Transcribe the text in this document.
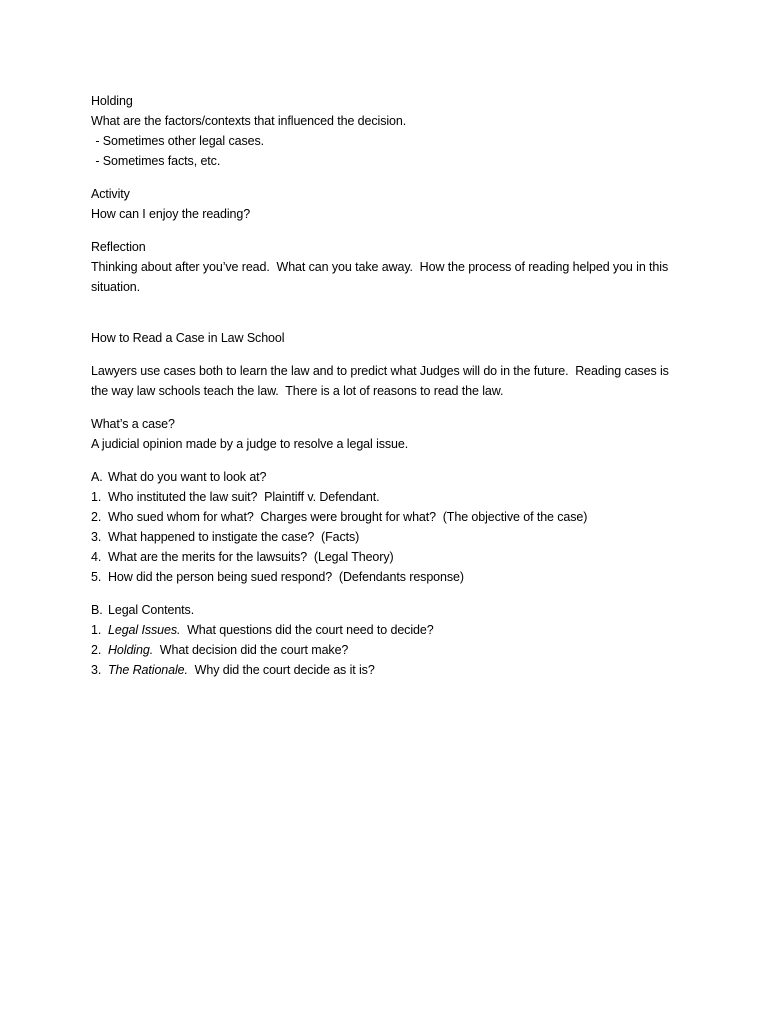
Holding
What are the factors/contexts that influenced the decision.
- Sometimes other legal cases.
- Sometimes facts, etc.
Activity
How can I enjoy the reading?
Reflection
Thinking about after you’ve read.  What can you take away.  How the process of reading helped you in this situation.
How to Read a Case in Law School
Lawyers use cases both to learn the law and to predict what Judges will do in the future.  Reading cases is the way law schools teach the law.  There is a lot of reasons to read the law.
What’s a case?
A judicial opinion made by a judge to resolve a legal issue.
A. What do you want to look at?
1. Who instituted the law suit?  Plaintiff v. Defendant.
2. Who sued whom for what?  Charges were brought for what?  (The objective of the case)
3. What happened to instigate the case?  (Facts)
4. What are the merits for the lawsuits?  (Legal Theory)
5. How did the person being sued respond?  (Defendants response)
B. Legal Contents.
1. Legal Issues. What questions did the court need to decide?
2. Holding. What decision did the court make?
3. The Rationale. Why did the court decide as it is?
